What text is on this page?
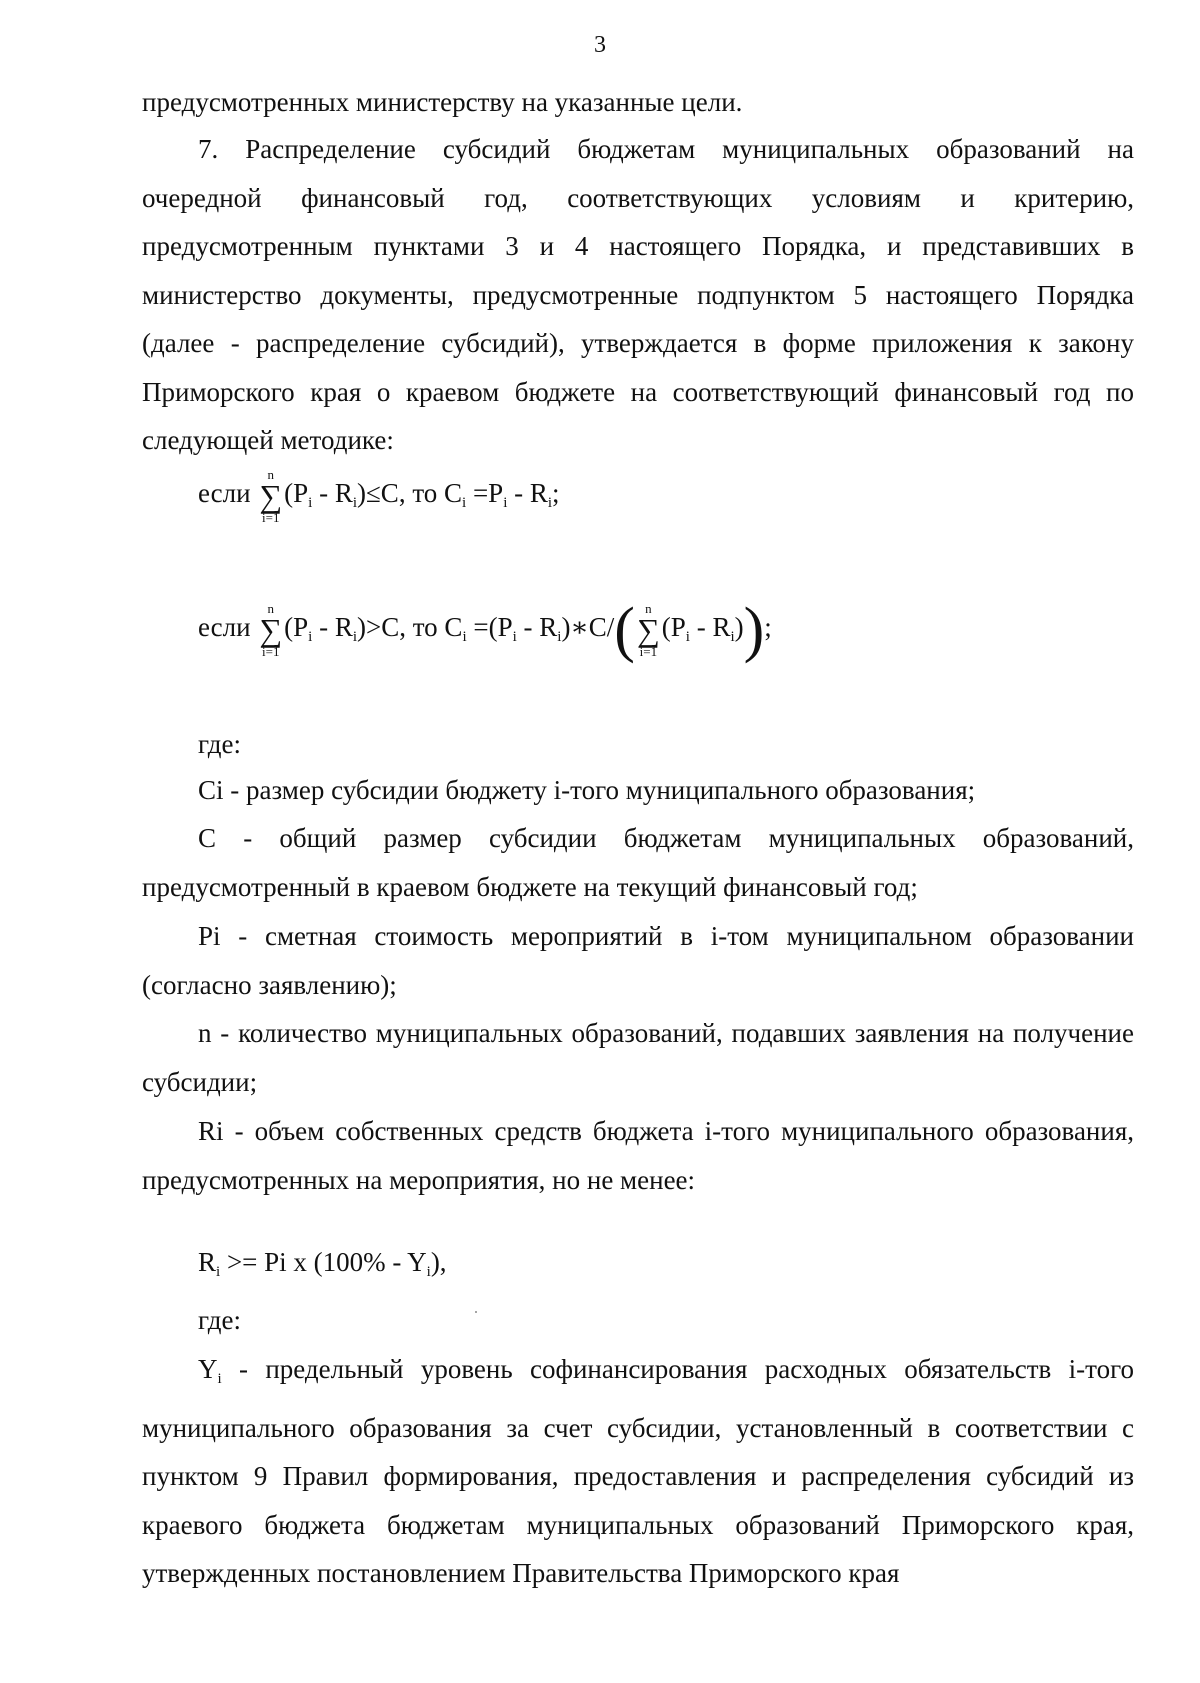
3
предусмотренных министерству на указанные цели.
7. Распределение субсидий бюджетам муниципальных образований на очередной финансовый год, соответствующих условиям и критерию, предусмотренным пунктами 3 и 4 настоящего Порядка, и представивших в министерство документы, предусмотренные подпунктом 5 настоящего Порядка (далее - распределение субсидий), утверждается в форме приложения к закону Приморского края о краевом бюджете на соответствующий финансовый год по следующей методике:
если
n
∑
i=1
$(P_i - R_i)\le C$, то $C_i =P_i - R_i$;
если
n
∑
i=1
$(P_i - R_i)>C$, то $C_i =(P_i$ - $R_i)∗C/$( n
∑
i=1
$(P_i - R_i)$);
где:
Ci - размер субсидии бюджету i-того муниципального образования;
С - общий размер субсидии бюджетам муниципальных образований, предусмотренный в краевом бюджете на текущий финансовый год;
Pi - сметная стоимость мероприятий в i-том муниципальном образовании (согласно заявлению);
n - количество муниципальных образований, подавших заявления на получение субсидии;
Ri - объем собственных средств бюджета i-того муниципального образования, предусмотренных на мероприятия, но не менее:
$R_i >= Pi$ x $(100\% - Y_i)$,
где:
$Y_i$ - предельный уровень софинансирования расходных обязательств i-того муниципального образования за счет субсидии, установленный в соответствии с пунктом 9 Правил формирования, предоставления и распределения субсидий из краевого бюджета бюджетам муниципальных образований Приморского края, утвержденных постановлением Правительства Приморского края
